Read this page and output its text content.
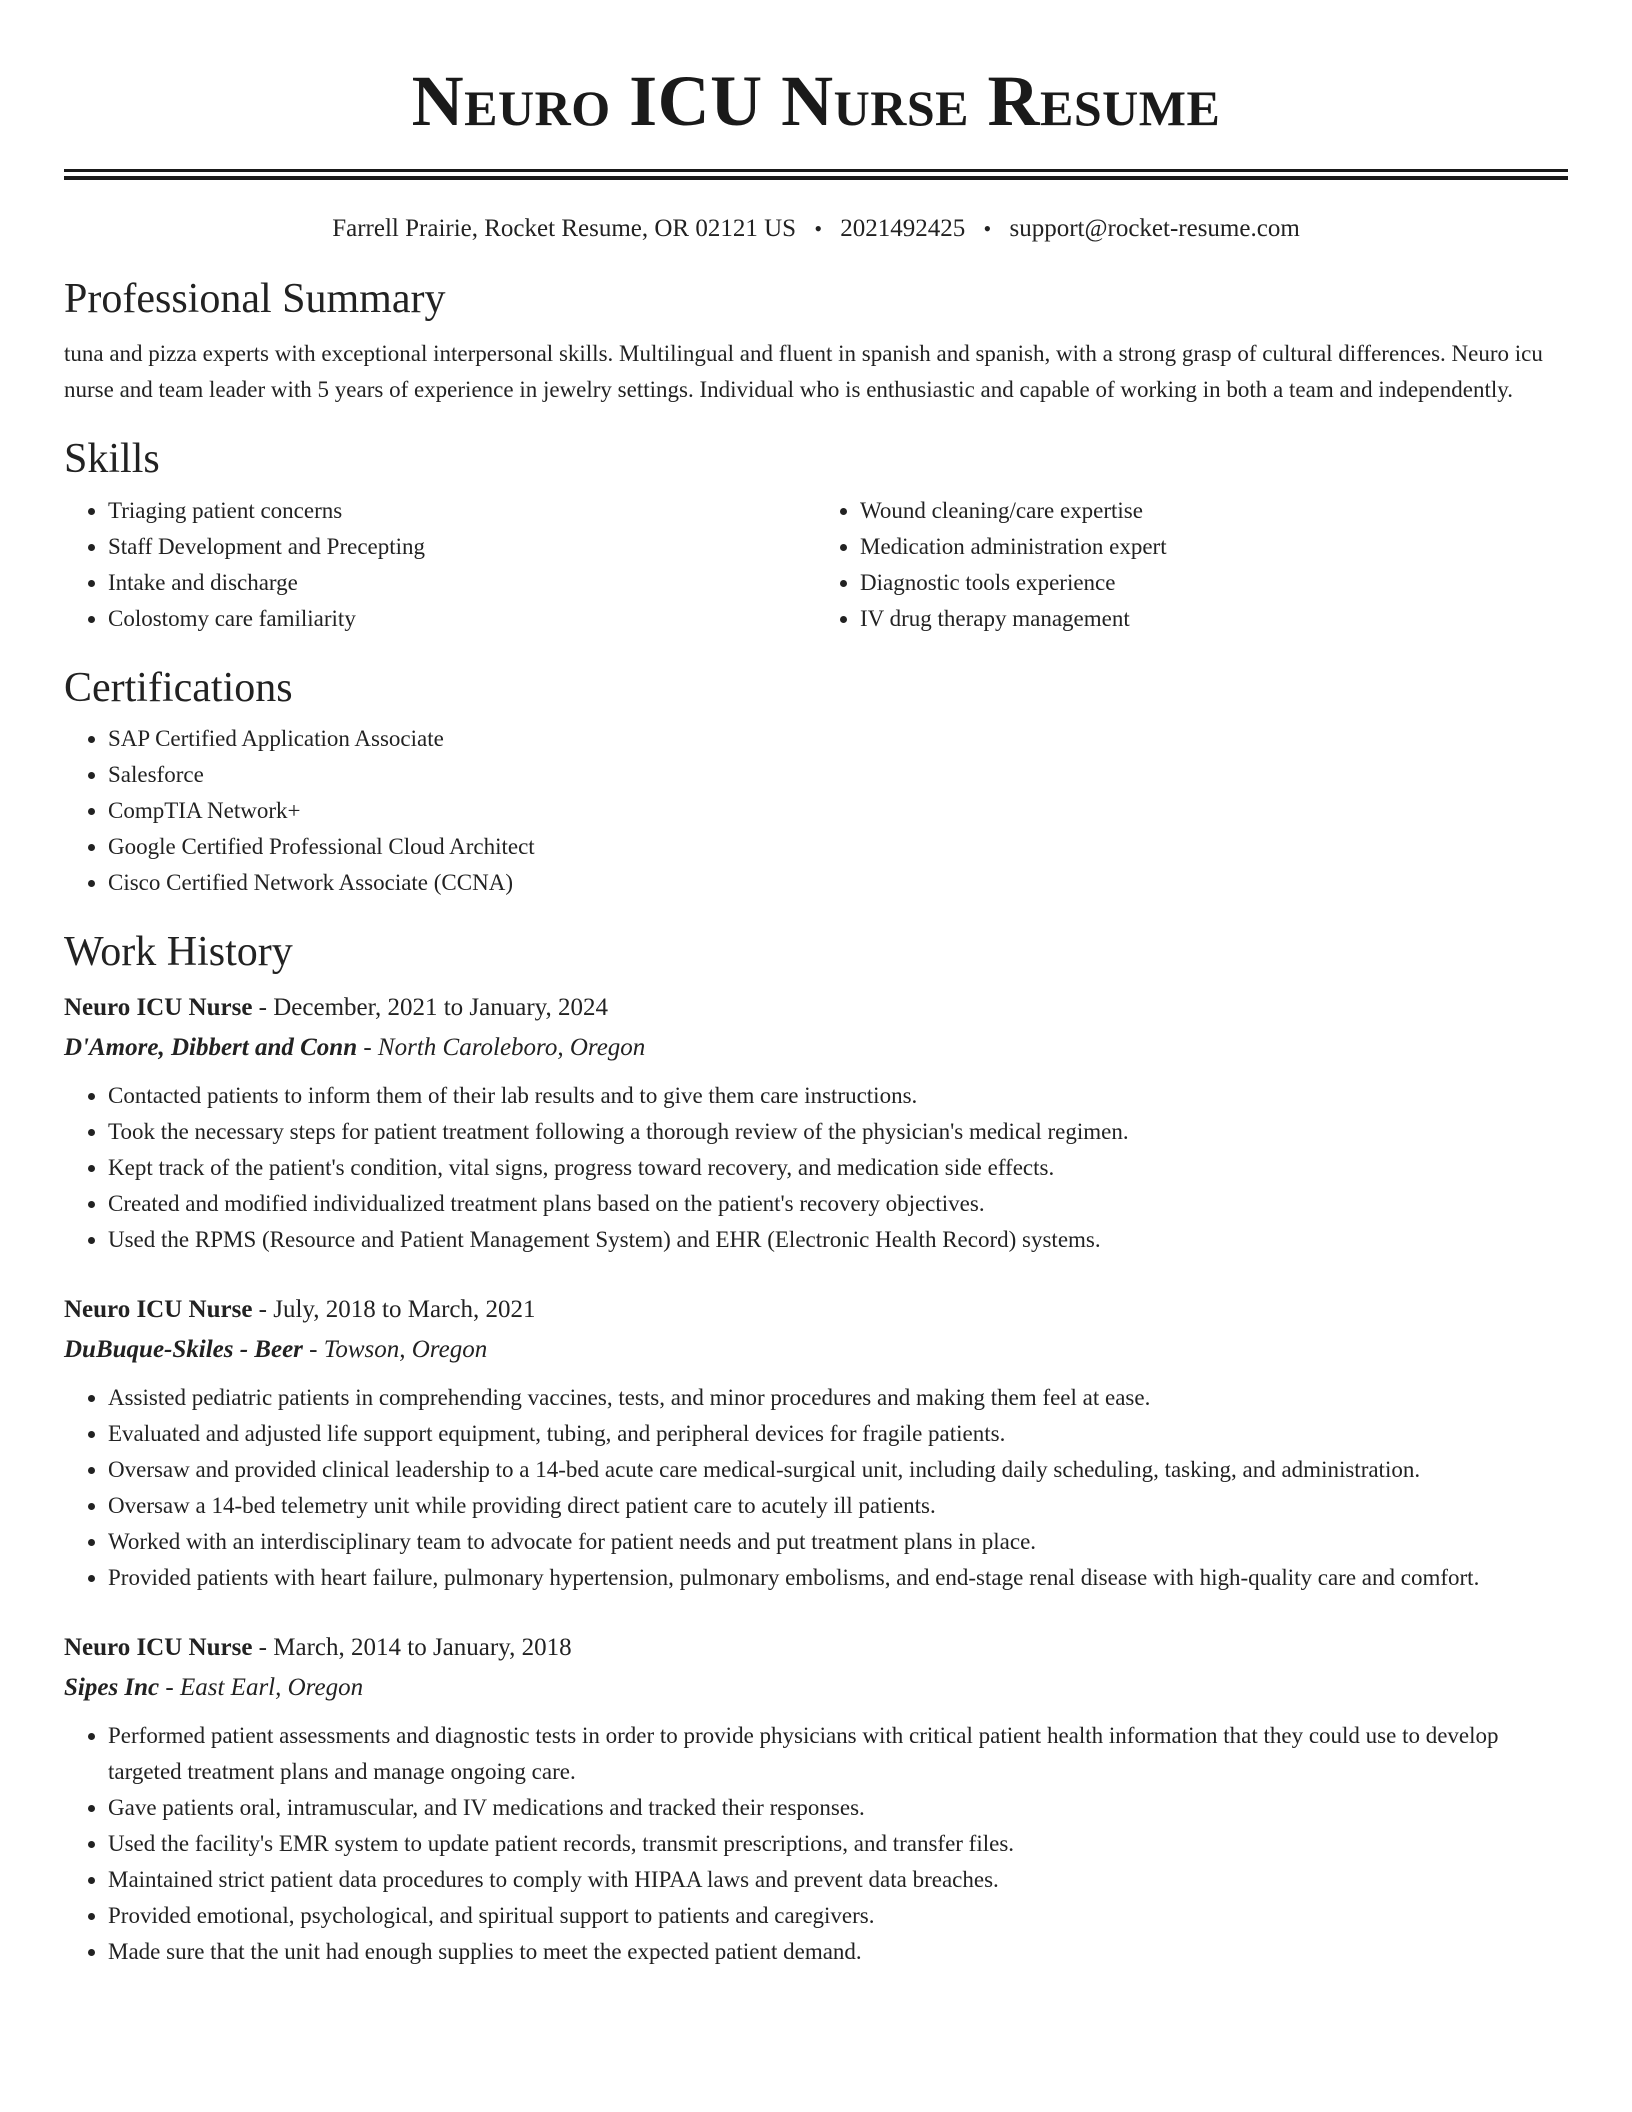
Neuro ICU Nurse Resume
Farrell Prairie, Rocket Resume, OR 02121 US • 2021492425 • support@rocket-resume.com
Professional Summary

tuna and pizza experts with exceptional interpersonal skills. Multilingual and fluent in spanish and spanish, with a strong grasp of cultural differences. Neuro icu nurse and team leader with 5 years of experience in jewelry settings. Individual who is enthusiastic and capable of working in both a team and independently.

Skills
• Triaging patient concerns
• Staff Development and Precepting
• Intake and discharge
• Colostomy care familiarity
• Wound cleaning/care expertise
• Medication administration expert
• Diagnostic tools experience
• IV drug therapy management
Certifications
• SAP Certified Application Associate
• Salesforce
• CompTIA Network+
• Google Certified Professional Cloud Architect
• Cisco Certified Network Associate (CCNA)
Work History

Neuro ICU Nurse - December, 2021 to January, 2024

D'Amore, Dibbert and Conn - North Caroleboro, Oregon

• Contacted patients to inform them of their lab results and to give them care instructions.
• Took the necessary steps for patient treatment following a thorough review of the physician's medical regimen.
• Kept track of the patient's condition, vital signs, progress toward recovery, and medication side effects.
• Created and modified individualized treatment plans based on the patient's recovery objectives.
• Used the RPMS (Resource and Patient Management System) and EHR (Electronic Health Record) systems.

Neuro ICU Nurse - July, 2018 to March, 2021

DuBuque-Skiles - Beer - Towson, Oregon

• Assisted pediatric patients in comprehending vaccines, tests, and minor procedures and making them feel at ease.
• Evaluated and adjusted life support equipment, tubing, and peripheral devices for fragile patients.
• Oversaw and provided clinical leadership to a 14-bed acute care medical-surgical unit, including daily scheduling, tasking, and administration.
• Oversaw a 14-bed telemetry unit while providing direct patient care to acutely ill patients.
• Worked with an interdisciplinary team to advocate for patient needs and put treatment plans in place.
• Provided patients with heart failure, pulmonary hypertension, pulmonary embolisms, and end-stage renal disease with high-quality care and comfort.

Neuro ICU Nurse - March, 2014 to January, 2018

Sipes Inc - East Earl, Oregon

• Performed patient assessments and diagnostic tests in order to provide physicians with critical patient health information that they could use to develop targeted treatment plans and manage ongoing care.
• Gave patients oral, intramuscular, and IV medications and tracked their responses.
• Used the facility's EMR system to update patient records, transmit prescriptions, and transfer files.
• Maintained strict patient data procedures to comply with HIPAA laws and prevent data breaches.
• Provided emotional, psychological, and spiritual support to patients and caregivers.
• Made sure that the unit had enough supplies to meet the expected patient demand.
